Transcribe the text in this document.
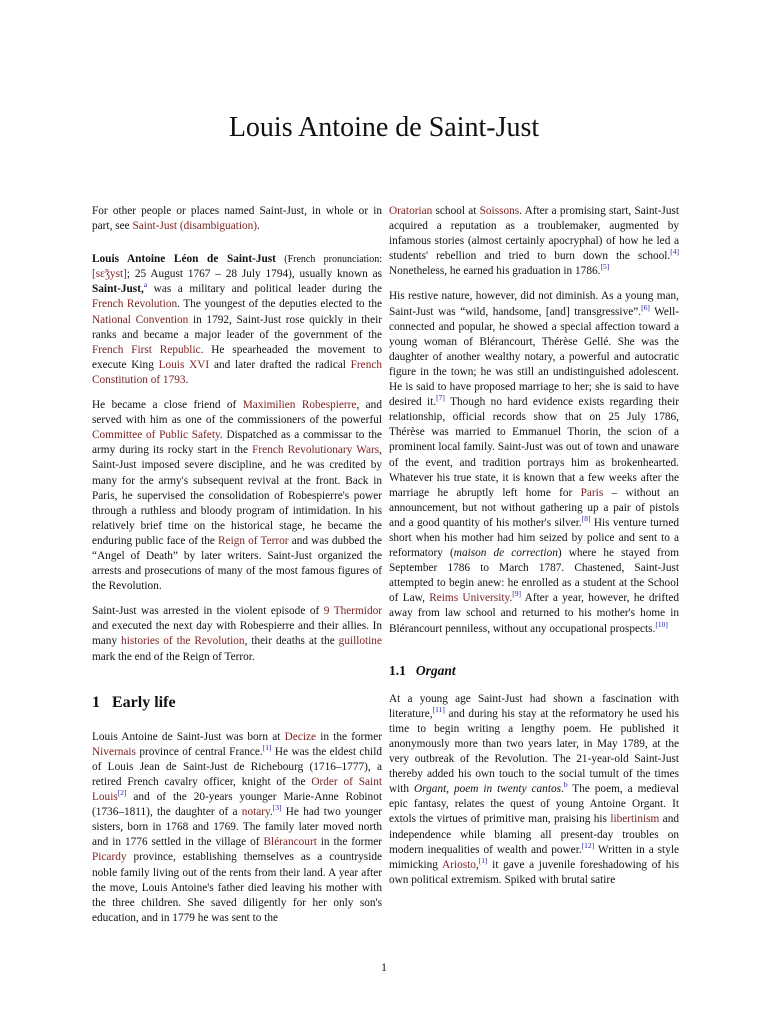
Louis Antoine de Saint-Just

For other people or places named Saint-Just, in whole or in part, see Saint-Just (disambiguation).

Louis Antoine Léon de Saint-Just (French pronunciation: [sɛ̃ʒyst]; 25 August 1767 – 28 July 1794), usually known as Saint-Just,$^a$ was a military and political leader during the French Revolution. The youngest of the deputies elected to the National Convention in 1792, Saint-Just rose quickly in their ranks and became a major leader of the government of the French First Republic. He spearheaded the movement to execute King Louis XVI and later drafted the radical French Constitution of 1793.

He became a close friend of Maximilien Robespierre, and served with him as one of the commissioners of the powerful Committee of Public Safety. Dispatched as a commissar to the army during its rocky start in the French Revolutionary Wars, Saint-Just imposed severe discipline, and he was credited by many for the army's subsequent revival at the front. Back in Paris, he supervised the consolidation of Robespierre's power through a ruthless and bloody program of intimidation. In his relatively brief time on the historical stage, he became the enduring public face of the Reign of Terror and was dubbed the “Angel of Death” by later writers. Saint-Just organized the arrests and prosecutions of many of the most famous figures of the Revolution.

Saint-Just was arrested in the violent episode of 9 Thermidor and executed the next day with Robespierre and their allies. In many histories of the Revolution, their deaths at the guillotine mark the end of the Reign of Terror.

1 Early life

Louis Antoine de Saint-Just was born at Decize in the former Nivernais province of central France.[1] He was the eldest child of Louis Jean de Saint-Just de Richebourg (1716–1777), a retired French cavalry officer, knight of the Order of Saint Louis[2] and of the 20-years younger Marie-Anne Robinot (1736–1811), the daughter of a notary.[3] He had two younger sisters, born in 1768 and 1769. The family later moved north and in 1776 settled in the village of Blérancourt in the former Picardy province, establishing themselves as a countryside noble family living out of the rents from their land. A year after the move, Louis Antoine's father died leaving his mother with the three children. She saved diligently for her only son's education, and in 1779 he was sent to the

Oratorian school at Soissons. After a promising start, Saint-Just acquired a reputation as a troublemaker, augmented by infamous stories (almost certainly apocryphal) of how he led a students' rebellion and tried to burn down the school.[4] Nonetheless, he earned his graduation in 1786.[5]

His restive nature, however, did not diminish. As a young man, Saint-Just was “wild, handsome, [and] transgressive”.[6] Well-connected and popular, he showed a special affection toward a young woman of Blérancourt, Thérèse Gellé. She was the daughter of another wealthy notary, a powerful and autocratic figure in the town; he was still an undistinguished adolescent. He is said to have proposed marriage to her; she is said to have desired it.[7] Though no hard evidence exists regarding their relationship, official records show that on 25 July 1786, Thérèse was married to Emmanuel Thorin, the scion of a prominent local family. Saint-Just was out of town and unaware of the event, and tradition portrays him as brokenhearted. Whatever his true state, it is known that a few weeks after the marriage he abruptly left home for Paris – without an announcement, but not without gathering up a pair of pistols and a good quantity of his mother's silver.[8] His venture turned short when his mother had him seized by police and sent to a reformatory (maison de correction) where he stayed from September 1786 to March 1787. Chastened, Saint-Just attempted to begin anew: he enrolled as a student at the School of Law, Reims University.[9] After a year, however, he drifted away from law school and returned to his mother's home in Blérancourt penniless, without any occupational prospects.[10]

1.1 Organt

At a young age Saint-Just had shown a fascination with literature,[11] and during his stay at the reformatory he used his time to begin writing a lengthy poem. He published it anonymously more than two years later, in May 1789, at the very outbreak of the Revolution. The 21-year-old Saint-Just thereby added his own touch to the social tumult of the times with Organt, poem in twenty cantos.$^b$ The poem, a medieval epic fantasy, relates the quest of young Antoine Organt. It extols the virtues of primitive man, praising his libertinism and independence while blaming all present-day troubles on modern inequalities of wealth and power.[12] Written in a style mimicking Ariosto,[1] it gave a juvenile foreshadowing of his own political extremism. Spiked with brutal satire

1
